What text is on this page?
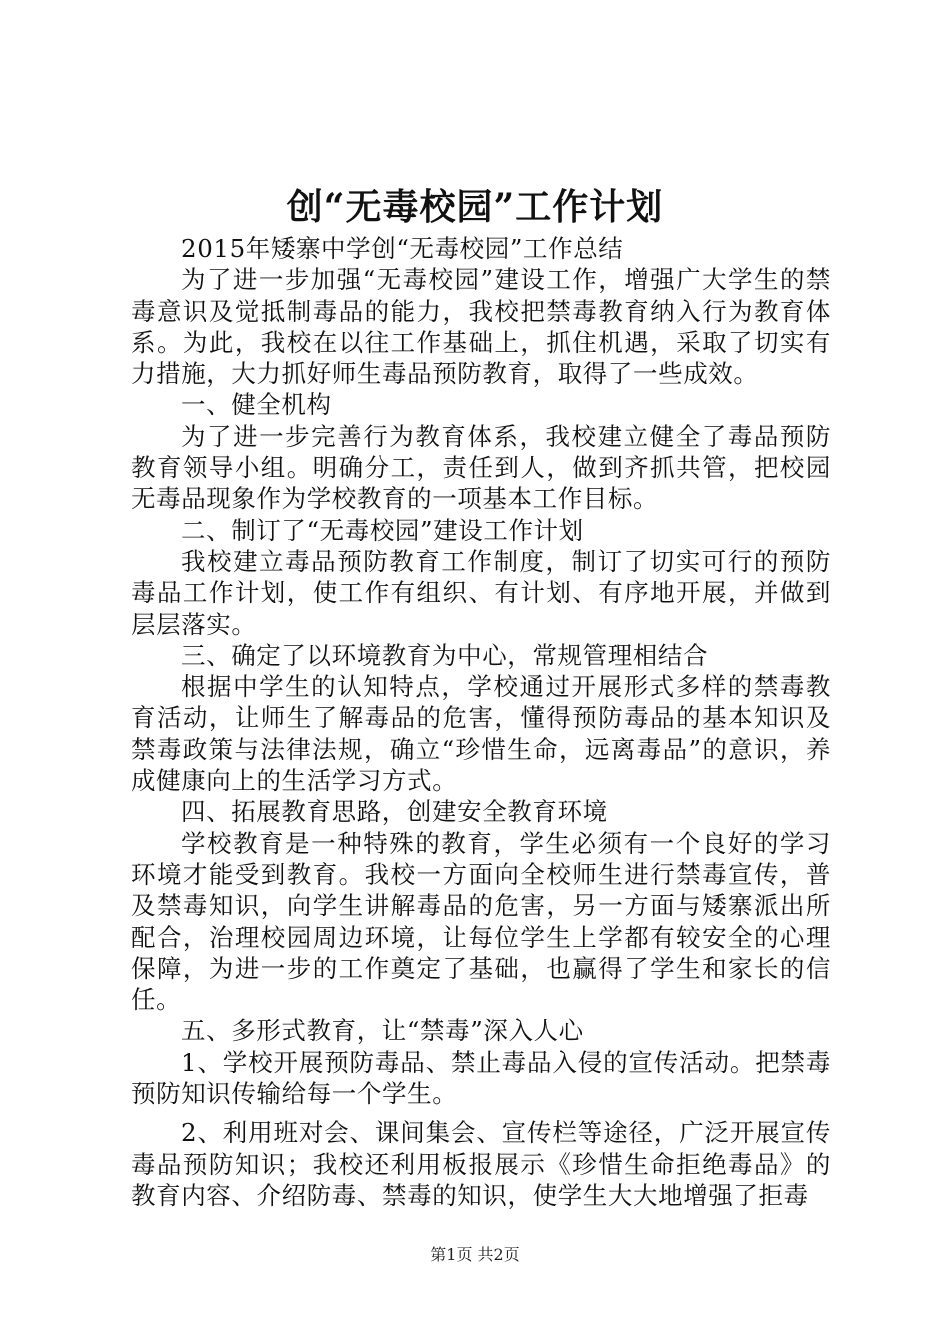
创“无毒校园”工作计划

2015年矮寨中学创“无毒校园”工作总结

为了进一步加强“无毒校园”建设工作，增强广大学生的禁毒意识及觉抵制毒品的能力，我校把禁毒教育纳入行为教育体系。为此，我校在以往工作基础上，抓住机遇，采取了切实有力措施，大力抓好师生毒品预防教育，取得了一些成效。

一、健全机构

为了进一步完善行为教育体系，我校建立健全了毒品预防教育领导小组。明确分工，责任到人，做到齐抓共管，把校园无毒品现象作为学校教育的一项基本工作目标。

二、制订了“无毒校园”建设工作计划

我校建立毒品预防教育工作制度，制订了切实可行的预防毒品工作计划，使工作有组织、有计划、有序地开展，并做到层层落实。

三、确定了以环境教育为中心，常规管理相结合

根据中学生的认知特点，学校通过开展形式多样的禁毒教育活动，让师生了解毒品的危害，懂得预防毒品的基本知识及禁毒政策与法律法规，确立“珍惜生命，远离毒品”的意识，养成健康向上的生活学习方式。

四、拓展教育思路，创建安全教育环境

学校教育是一种特殊的教育，学生必须有一个良好的学习环境才能受到教育。我校一方面向全校师生进行禁毒宣传，普及禁毒知识，向学生讲解毒品的危害，另一方面与矮寨派出所配合，治理校园周边环境，让每位学生上学都有较安全的心理保障，为进一步的工作奠定了基础，也赢得了学生和家长的信任。

五、多形式教育，让“禁毒”深入人心

1、学校开展预防毒品、禁止毒品入侵的宣传活动。把禁毒预防知识传输给每一个学生。

2、利用班对会、课间集会、宣传栏等途径，广泛开展宣传毒品预防知识；我校还利用板报展示《珍惜生命拒绝毒品》的教育内容、介绍防毒、禁毒的知识，使学生大大地增强了拒毒

第1页 共2页
